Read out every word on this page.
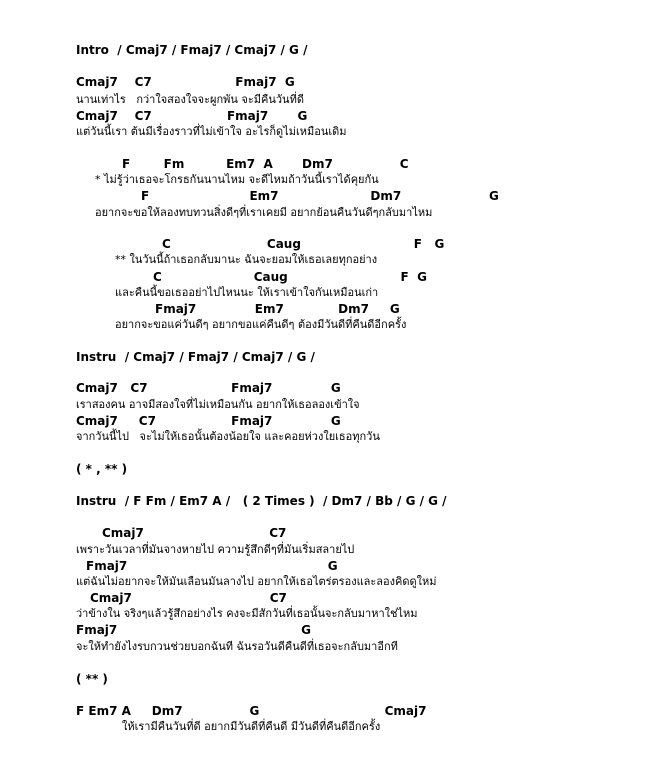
Intro  / Cmaj7 / Fmaj7 / Cmaj7 / G /
Cmaj7    C7                    Fmaj7  G
นานเท่าไร   กว่าใจสองใจจะผูกพัน จะมีคืนวันที่ดี
Cmaj7    C7                  Fmaj7       G
แต่วันนี้เรา ต้นมีเรื่องราวที่ไม่เข้าใจ อะไรก็ดูไม่เหมือนเดิม
F        Fm          Em7  A       Dm7                C
* ไม่รู้ว่าเธอจะโกรธกันนานไหม จะดีไหมถ้าวันนี้เราได้คุยกัน
F                        Em7                      Dm7                     G
อยากจะขอให้ลองทบทวนสิ่งดีๆที่เราเคยมี อยากย้อนคืนวันดีๆกลับมาไหม
C                       Caug                           F   G
** ในวันนี้ถ้าเธอกลับมานะ ฉันจะยอมให้เธอเลยทุกอย่าง
C                      Caug                           F  G
และคืนนี้ขอเธออย่าไปไหนนะ ให้เราเข้าใจกันเหมือนเก่า
Fmaj7              Em7             Dm7     G
อยากจะขอแค่วันดีๆ อยากขอแค่คืนดีๆ ต้องมีวันดีที่คืนดีอีกครั้ง
Instru  / Cmaj7 / Fmaj7 / Cmaj7 / G /
Cmaj7   C7                    Fmaj7              G
เราสองคน อาจมีสองใจที่ไม่เหมือนกัน อยากให้เธอลองเข้าใจ
Cmaj7     C7                  Fmaj7              G
จากวันนี้ไป   จะไม่ให้เธอนั้นต้องน้อยใจ และคอยห่วงใยเธอทุกวัน
( * , ** )
Instru  / F Fm / Em7 A /   ( 2 Times )  / Dm7 / Bb / G / G /
Cmaj7                              C7
เพราะวันเวลาที่มันจางหายไป ความรู้สึกดีๆที่มันเริ่มสลายไป
Fmaj7                                                G
แต่ฉันไม่อยากจะให้มันเลือนมันลางไป อยากให้เธอไตร่ตรองและลองคิดดูใหม่
Cmaj7                                 C7
ว่าข้างใน จริงๆแล้วรู้สึกอย่างไร คงจะมีสักวันที่เธอนั้นจะกลับมาหาใช่ไหม
Fmaj7                                            G
จะให้ทำยังไงรบกวนช่วยบอกฉันที ฉันรอวันดีคืนดีที่เธอจะกลับมาอีกที
( ** )
F Em7 A     Dm7                G                              Cmaj7
ให้เรามีคืนวันที่ดี อยากมีวันดีที่คืนดี มีวันดีที่คืนดีอีกครั้ง
